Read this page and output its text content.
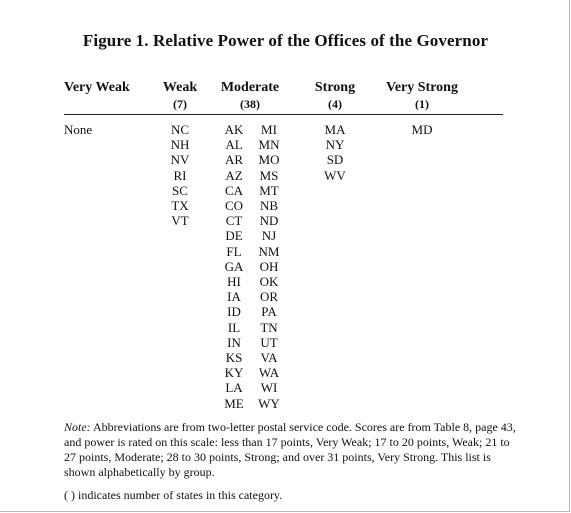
Figure 1. Relative Power of the Offices of the Governor
Very Weak	Weak
(7)
Moderate
(38)
Strong
(4)
Very Strong
(1)
None	NC
NH
NV
RI
SC
TX
VT
AK
AL
AR
AZ
CA
CO
CT
DE
FL
GA
HI
IA
ID
IL
IN
KS
KY
LA
ME
MI
MN
MO
MS
MT
NB
ND
NJ
NM
OH
OK
OR
PA
TN
UT
VA
WA
WI
WY
MA
NY
SD
WV
MD
Note: Abbreviations are from two-letter postal service code. Scores are from Table 8, page 43, and power is rated on this scale: less than 17 points, Very Weak; 17 to 20 points, Weak; 21 to 27 points, Moderate; 28 to 30 points, Strong; and over 31 points, Very Strong. This list is shown alphabetically by group.
( ) indicates number of states in this category.
